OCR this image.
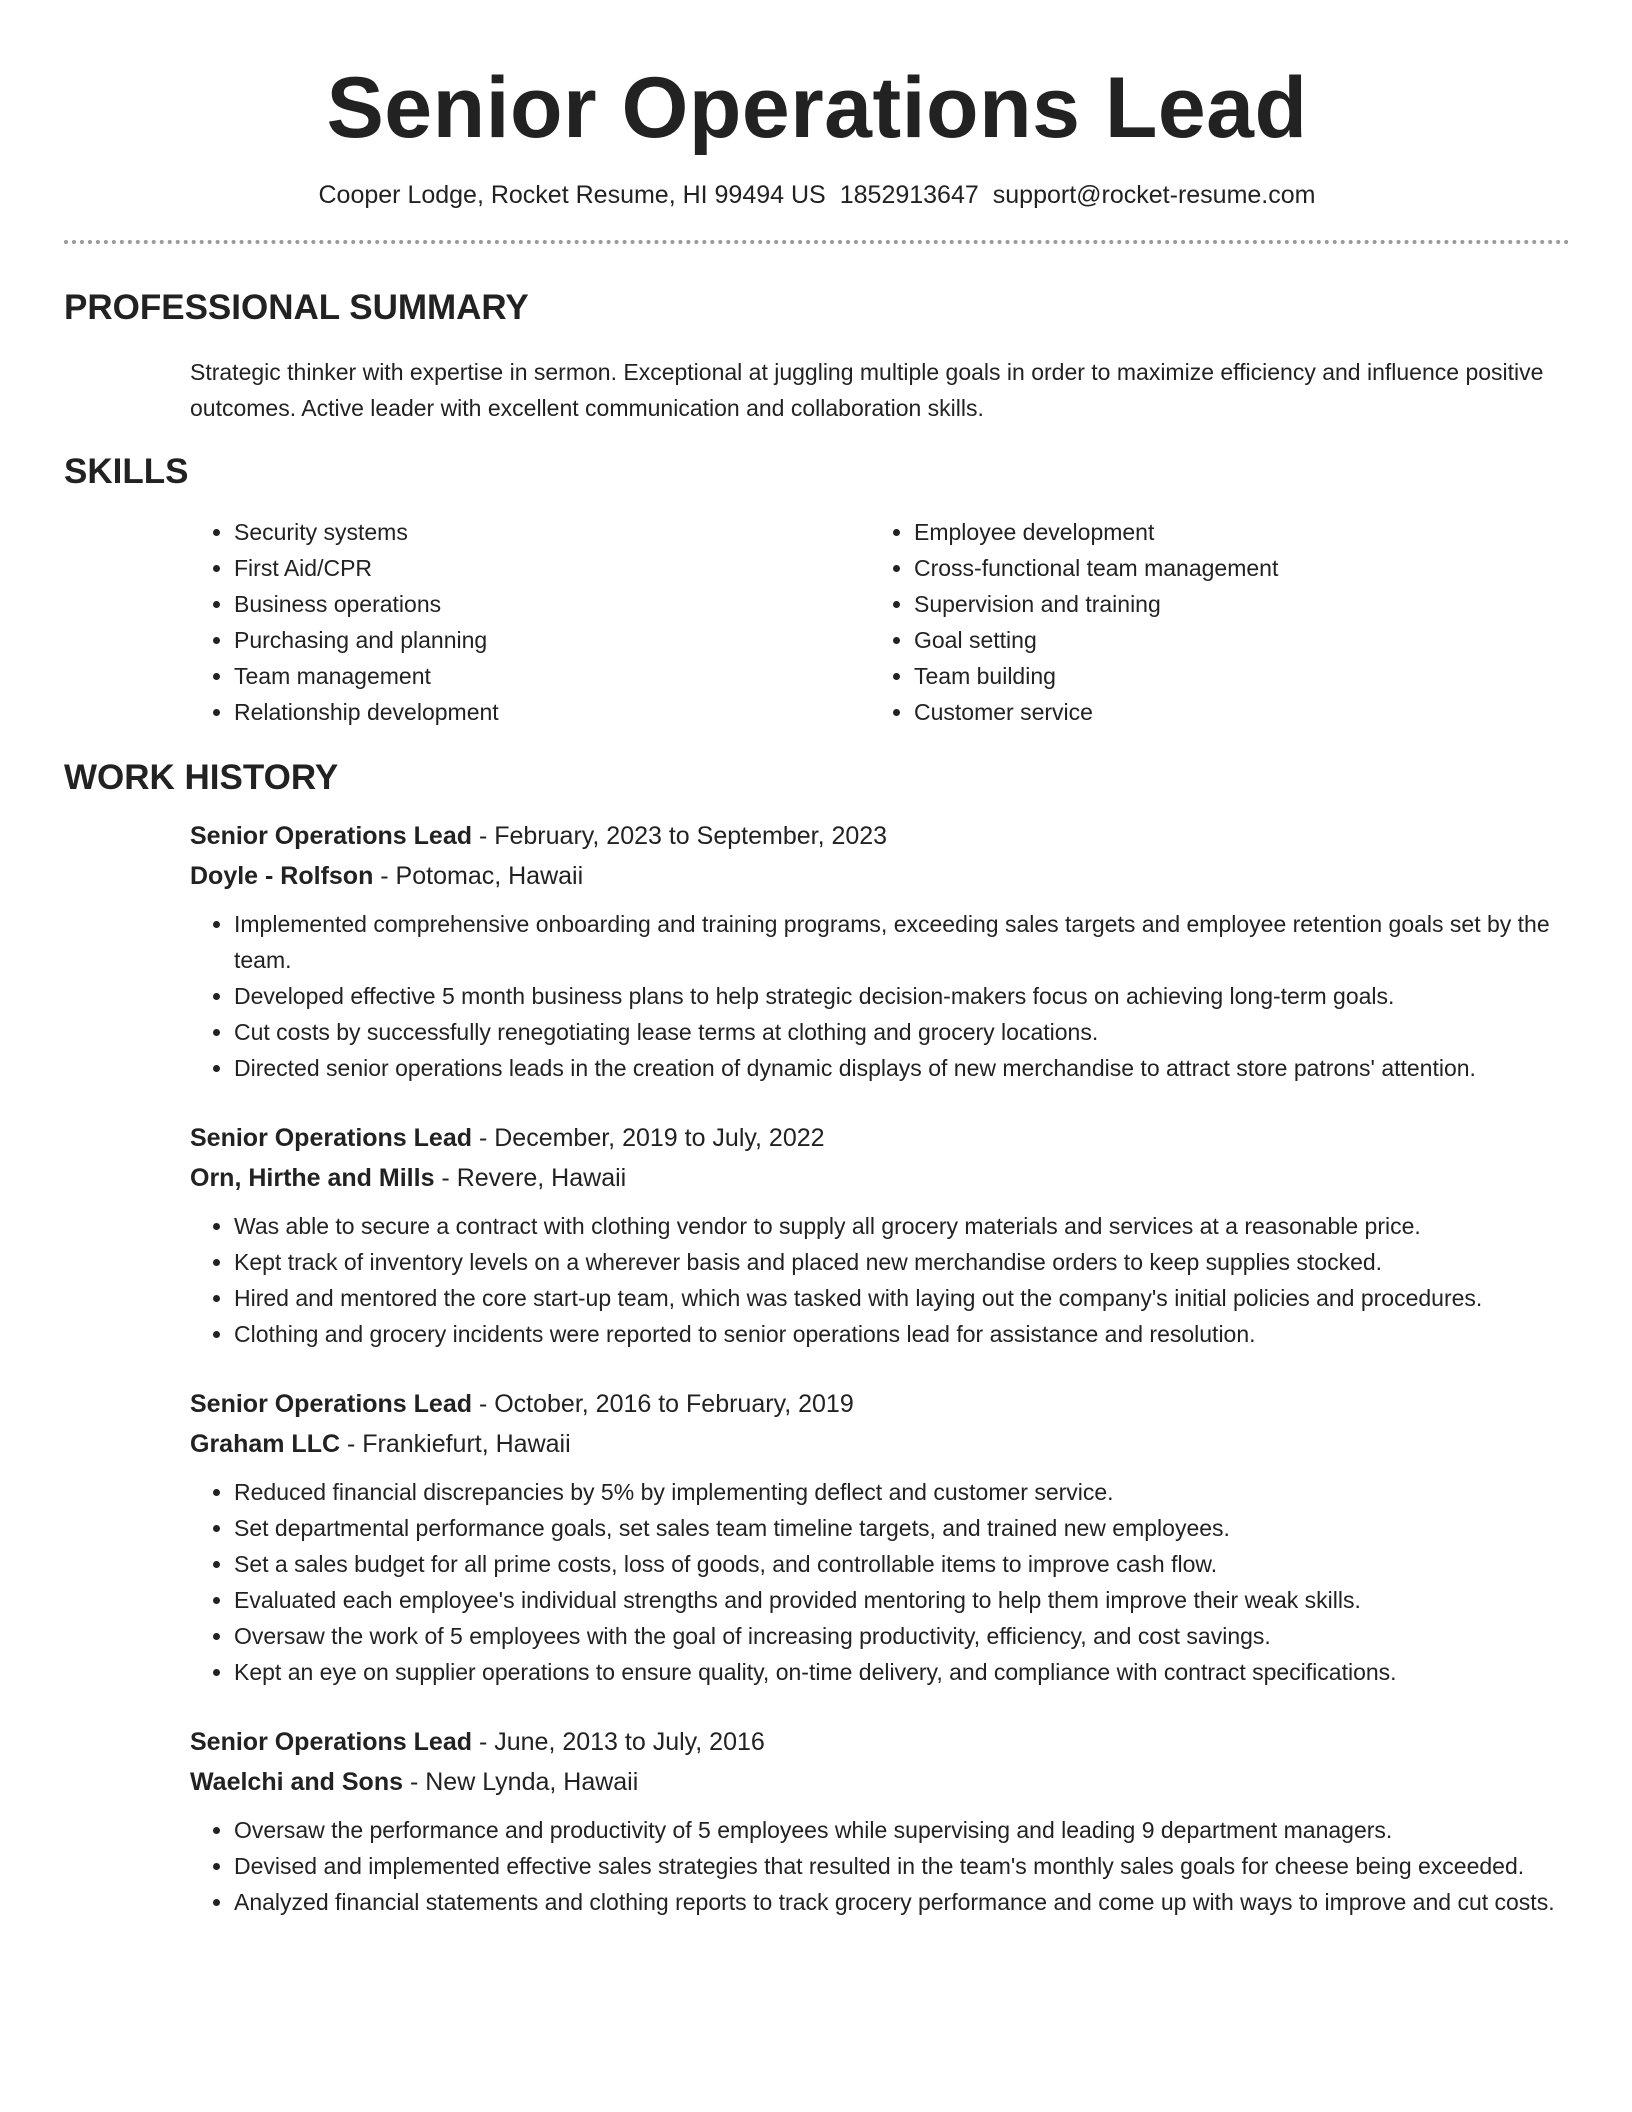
Senior Operations Lead
Cooper Lodge, Rocket Resume, HI 99494 US 1852913647 support@rocket-resume.com
PROFESSIONAL SUMMARY
Strategic thinker with expertise in sermon. Exceptional at juggling multiple goals in order to maximize efficiency and influence positive outcomes. Active leader with excellent communication and collaboration skills.
SKILLS
• Security systems
• First Aid/CPR
• Business operations
• Purchasing and planning
• Team management
• Relationship development
• Employee development
• Cross-functional team management
• Supervision and training
• Goal setting
• Team building
• Customer service
WORK HISTORY
Senior Operations Lead - February, 2023 to September, 2023
Doyle - Rolfson - Potomac, Hawaii
• Implemented comprehensive onboarding and training programs, exceeding sales targets and employee retention goals set by the team.
• Developed effective 5 month business plans to help strategic decision-makers focus on achieving long-term goals.
• Cut costs by successfully renegotiating lease terms at clothing and grocery locations.
• Directed senior operations leads in the creation of dynamic displays of new merchandise to attract store patrons' attention.
Senior Operations Lead - December, 2019 to July, 2022
Orn, Hirthe and Mills - Revere, Hawaii
• Was able to secure a contract with clothing vendor to supply all grocery materials and services at a reasonable price.
• Kept track of inventory levels on a wherever basis and placed new merchandise orders to keep supplies stocked.
• Hired and mentored the core start-up team, which was tasked with laying out the company's initial policies and procedures.
• Clothing and grocery incidents were reported to senior operations lead for assistance and resolution.
Senior Operations Lead - October, 2016 to February, 2019
Graham LLC - Frankiefurt, Hawaii
• Reduced financial discrepancies by 5% by implementing deflect and customer service.
• Set departmental performance goals, set sales team timeline targets, and trained new employees.
• Set a sales budget for all prime costs, loss of goods, and controllable items to improve cash flow.
• Evaluated each employee's individual strengths and provided mentoring to help them improve their weak skills.
• Oversaw the work of 5 employees with the goal of increasing productivity, efficiency, and cost savings.
• Kept an eye on supplier operations to ensure quality, on-time delivery, and compliance with contract specifications.
Senior Operations Lead - June, 2013 to July, 2016
Waelchi and Sons - New Lynda, Hawaii
• Oversaw the performance and productivity of 5 employees while supervising and leading 9 department managers.
• Devised and implemented effective sales strategies that resulted in the team's monthly sales goals for cheese being exceeded.
• Analyzed financial statements and clothing reports to track grocery performance and come up with ways to improve and cut costs.
